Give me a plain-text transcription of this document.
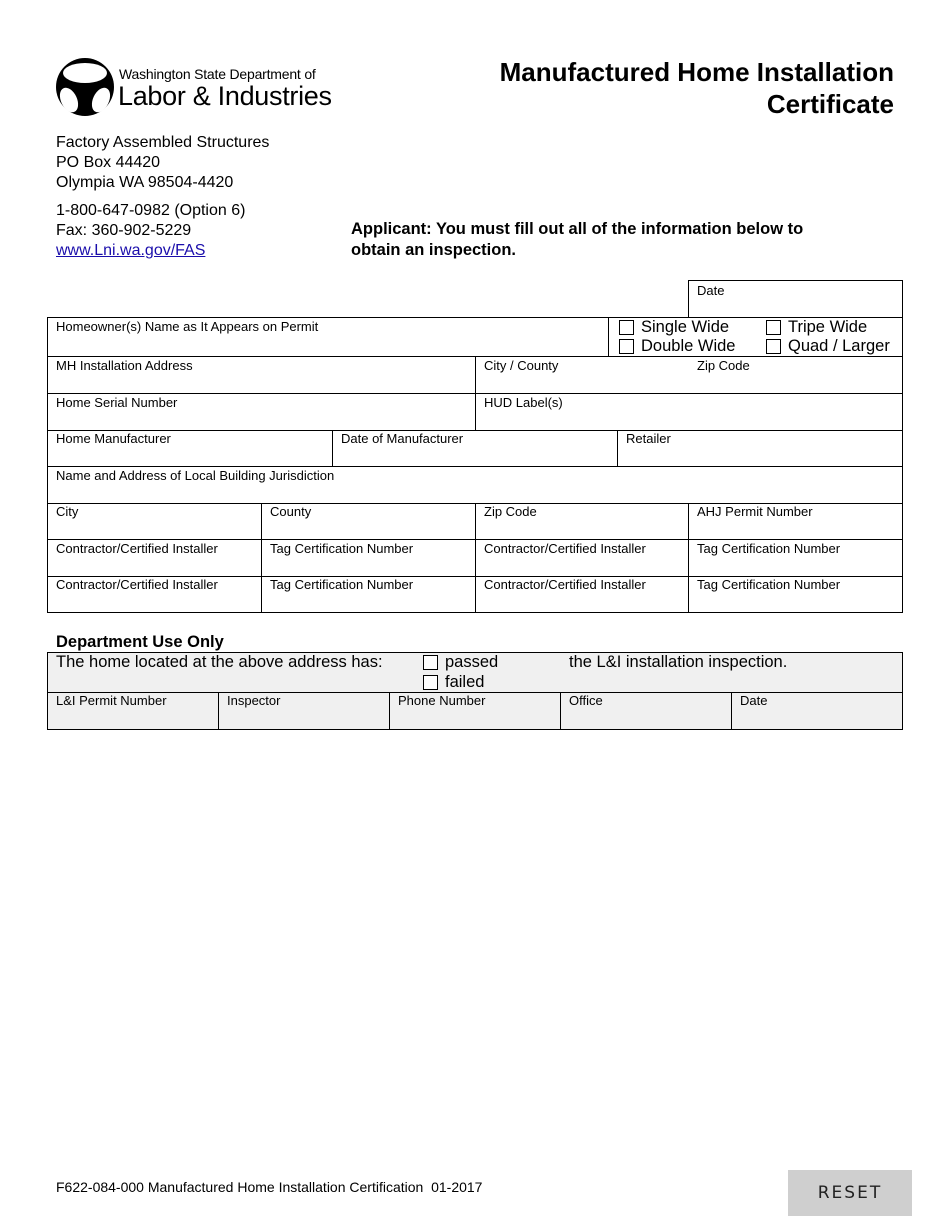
Washington State Department of
Labor & Industries
Manufactured Home Installation
Certificate
Factory Assembled Structures
PO Box 44420
Olympia WA 98504-4420
1-800-647-0982 (Option 6)
Fax: 360-902-5229
www.Lni.wa.gov/FAS
Applicant: You must fill out all of the information below to
obtain an inspection.
Date
Homeowner(s) Name as It Appears on Permit	Single Wide	Tripe Wide
Double Wide	Quad / Larger
MH Installation Address	City / County	Zip Code
Home Serial Number	HUD Label(s)
Home Manufacturer	Date of Manufacturer	Retailer
Name and Address of Local Building Jurisdiction
City	County	Zip Code	AHJ Permit Number
Contractor/Certified Installer	Tag Certification Number	Contractor/Certified Installer	Tag Certification Number
Contractor/Certified Installer	Tag Certification Number	Contractor/Certified Installer	Tag Certification Number
Department Use Only
The home located at the above address has:	passed
failed
the L&I installation inspection.
L&I Permit Number	Inspector	Phone Number	Office	Date
F622-084-000 Manufactured Home Installation Certification  01-2017	RESET
